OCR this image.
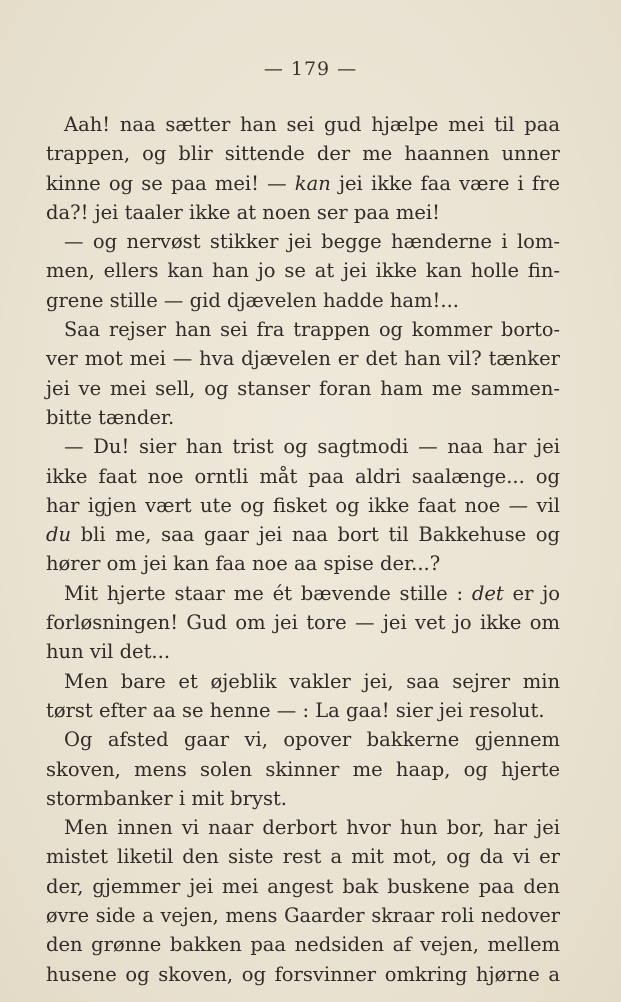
— 179 —
Aah! naa sætter han sei gud hjælpe mei til paa
trappen, og blir sittende der me haannen unner
kinne og se paa mei! — kan jei ikke faa være i fre
da?! jei taaler ikke at noen ser paa mei!
— og nervøst stikker jei begge hænderne i lom-
men, ellers kan han jo se at jei ikke kan holle fin-
grene stille — gid djævelen hadde ham!...
Saa rejser han sei fra trappen og kommer borto-
ver mot mei — hva djævelen er det han vil? tænker
jei ve mei sell, og stanser foran ham me sammen-
bitte tænder.
— Du! sier han trist og sagtmodi — naa har jei
ikke faat noe orntli måt paa aldri saalænge... og
har igjen vært ute og fisket og ikke faat noe — vil
du bli me, saa gaar jei naa bort til Bakkehuse og
hører om jei kan faa noe aa spise der...?
Mit hjerte staar me ét bævende stille : det er jo
forløsningen! Gud om jei tore — jei vet jo ikke om
hun vil det...
Men bare et øjeblik vakler jei, saa sejrer min
tørst efter aa se henne — : La gaa! sier jei resolut.
Og afsted gaar vi, opover bakkerne gjennem
skoven, mens solen skinner me haap, og hjerte
stormbanker i mit bryst.
Men innen vi naar derbort hvor hun bor, har jei
mistet liketil den siste rest a mit mot, og da vi er
der, gjemmer jei mei angest bak buskene paa den
øvre side a vejen, mens Gaarder skraar roli nedover
den grønne bakken paa nedsiden af vejen, mellem
husene og skoven, og forsvinner omkring hjørne a
